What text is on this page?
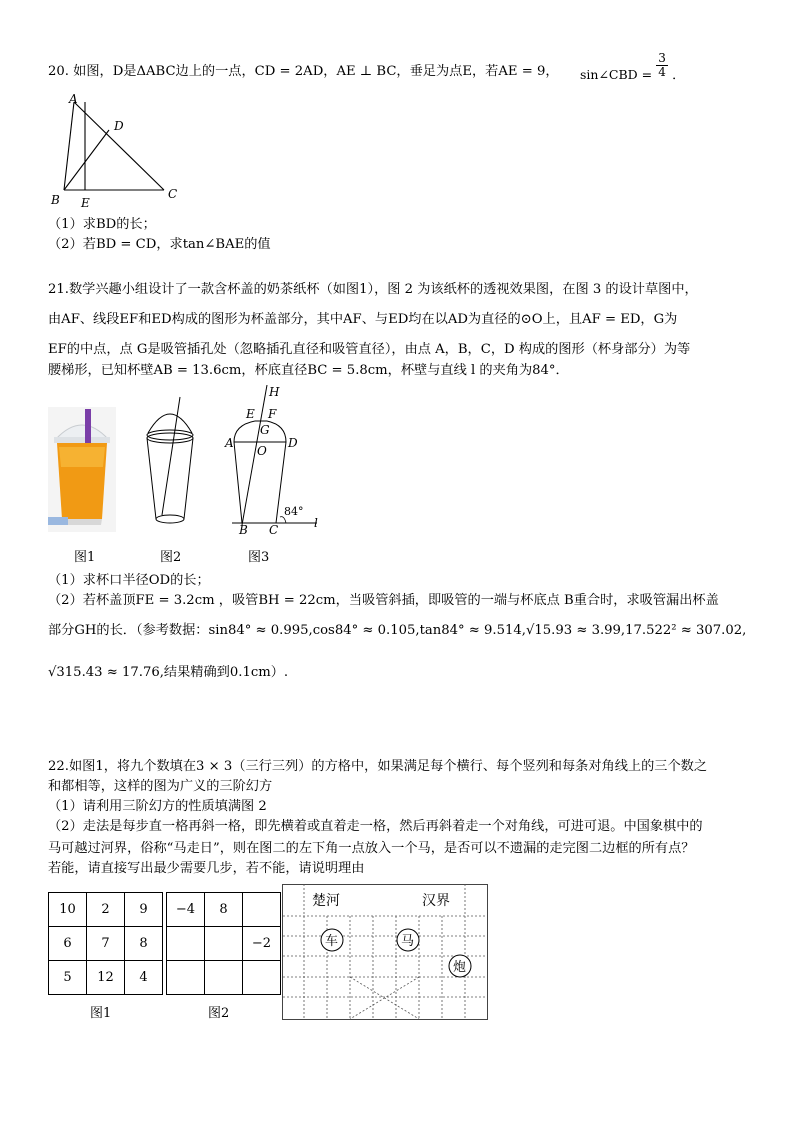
20. 如图，D是ΔABC边上的一点，CD = 2AD，AE ⊥ BC，垂足为点E，若AE = 9， sin∠CBD = $\frac{3}{4}$ ．
A
D
B E
C
（1）求BD的长；
（2）若BD = CD，求tan∠BAE的值
21.数学兴趣小组设计了一款含杯盖的奶茶纸杯（如图1），图 2 为该纸杯的透视效果图，在图 3 的设计草图中，
由AF、线段EF和ED构成的图形为杯盖部分，其中AF、与ED均在以AD为直径的⊙O上，且AF = ED，G为
EF的中点，点 G是吸管插孔处（忽略插孔直径和吸管直径），由点 A，B，C，D 构成的图形（杯身部分）为等
腰梯形，已知杯壁AB = 13.6cm，杯底直径BC = 5.8cm，杯壁与直线 l 的夹角为84°．
H
E F
G
A	D
O
84°
B C	l
图1	图2	图3
（1）求杯口半径OD的长；
（2）若杯盖顶FE = 3.2cm ，吸管BH = 22cm，当吸管斜插，即吸管的一端与杯底点 B重合时，求吸管漏出杯盖
部分GH的长．（参考数据：sin84° ≈ 0.995,cos84° ≈ 0.105,tan84° ≈ 9.514,√15.93 ≈ 3.99,17.522² ≈ 307.02,
√315.43 ≈ 17.76,结果精确到0.1cm）.
22.如图1，将九个数填在3 × 3（三行三列）的方格中，如果满足每个横行、每个竖列和每条对角线上的三个数之
和都相等，这样的图为广义的三阶幻方
（1）请利用三阶幻方的性质填满图 2
（2）走法是每步直一格再斜一格，即先横着或直着走一格，然后再斜着走一个对角线，可进可退。中国象棋中的
马可越过河界，俗称“马走日”，则在图二的左下角一点放入一个马，是否可以不遗漏的走完图二边框的所有点？
若能，请直接写出最少需要几步，若不能，请说明理由
10	2	9
6	7	8
5	12	4
−4	8	
		−2

图1	图2
楚河	汉界
车	马
炮
